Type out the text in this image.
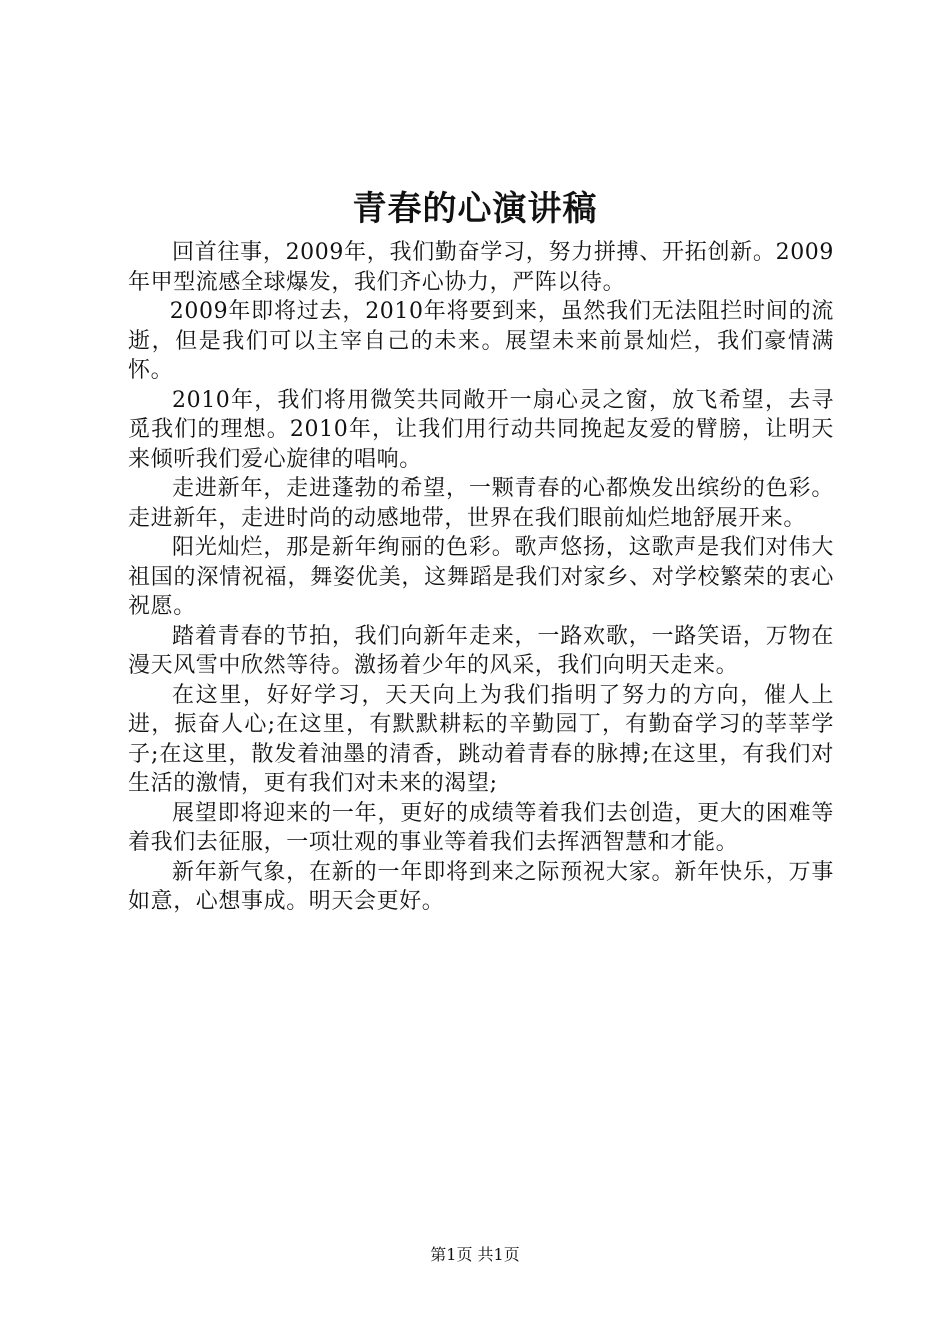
青春的心演讲稿

回首往事，2009年，我们勤奋学习，努力拼搏、开拓创新。2009年甲型流感全球爆发，我们齐心协力，严阵以待。

2009年即将过去，2010年将要到来，虽然我们无法阻拦时间的流逝，但是我们可以主宰自己的未来。展望未来前景灿烂，我们豪情满怀。

2010年，我们将用微笑共同敞开一扇心灵之窗，放飞希望，去寻觅我们的理想。2010年，让我们用行动共同挽起友爱的臂膀，让明天来倾听我们爱心旋律的唱响。

走进新年，走进蓬勃的希望，一颗青春的心都焕发出缤纷的色彩。走进新年，走进时尚的动感地带，世界在我们眼前灿烂地舒展开来。

阳光灿烂，那是新年绚丽的色彩。歌声悠扬，这歌声是我们对伟大祖国的深情祝福，舞姿优美，这舞蹈是我们对家乡、对学校繁荣的衷心祝愿。

踏着青春的节拍，我们向新年走来，一路欢歌，一路笑语，万物在漫天风雪中欣然等待。激扬着少年的风采，我们向明天走来。

在这里，好好学习，天天向上为我们指明了努力的方向，催人上进，振奋人心;在这里，有默默耕耘的辛勤园丁，有勤奋学习的莘莘学子;在这里，散发着油墨的清香，跳动着青春的脉搏;在这里，有我们对生活的激情，更有我们对未来的渴望;

展望即将迎来的一年，更好的成绩等着我们去创造，更大的困难等着我们去征服，一项壮观的事业等着我们去挥洒智慧和才能。

新年新气象，在新的一年即将到来之际预祝大家。新年快乐，万事如意，心想事成。明天会更好。

第1页 共1页
